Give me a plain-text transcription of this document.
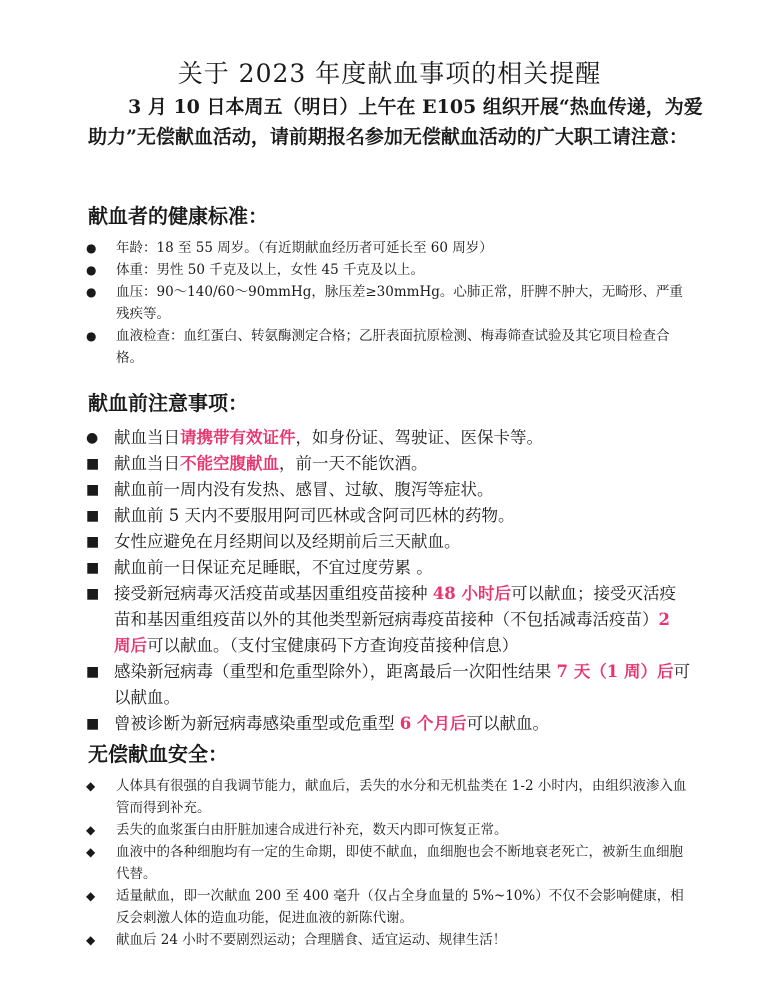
关于 2023 年度献血事项的相关提醒

3 月 10 日本周五（明日）上午在 E105 组织开展“热血传递，为爱助力”无偿献血活动，请前期报名参加无偿献血活动的广大职工请注意：

献血者的健康标准：
●	年龄：18 至 55 周岁。（有近期献血经历者可延长至 60 周岁）
●	体重：男性 50 千克及以上，女性 45 千克及以上。
●	血压：90～140/60～90mmHg，脉压差≥30mmHg。心肺正常，肝脾不肿大，无畸形、严重残疾等。
●	血液检查：血红蛋白、转氨酶测定合格；乙肝表面抗原检测、梅毒筛查试验及其它项目检查合格。
献血前注意事项：
● 献血当日请携带有效证件，如身份证、驾驶证、医保卡等。
■ 献血当日不能空腹献血，前一天不能饮酒。
■ 献血前一周内没有发热、感冒、过敏、腹泻等症状。
■ 献血前 5 天内不要服用阿司匹林或含阿司匹林的药物。
■ 女性应避免在月经期间以及经期前后三天献血。
■ 献血前一日保证充足睡眠，不宜过度劳累 。
■ 接受新冠病毒灭活疫苗或基因重组疫苗接种 48 小时后可以献血；接受灭活疫苗和基因重组疫苗以外的其他类型新冠病毒疫苗接种（不包括减毒活疫苗）2 周后可以献血。（支付宝健康码下方查询疫苗接种信息）
■ 感染新冠病毒（重型和危重型除外），距离最后一次阳性结果 7 天（1 周）后可以献血。
■ 曾被诊断为新冠病毒感染重型或危重型 6 个月后可以献血。
无偿献血安全：
◆	人体具有很强的自我调节能力，献血后，丢失的水分和无机盐类在 1-2 小时内，由组织液渗入血管而得到补充。
◆	丢失的血浆蛋白由肝脏加速合成进行补充，数天内即可恢复正常。
◆	血液中的各种细胞均有一定的生命期，即使不献血，血细胞也会不断地衰老死亡，被新生血细胞代替。
◆	适量献血，即一次献血 200 至 400 毫升（仅占全身血量的 5%~10%）不仅不会影响健康，相反会刺激人体的造血功能，促进血液的新陈代谢。
◆	献血后 24 小时不要剧烈运动；合理膳食、适宜运动、规律生活！
